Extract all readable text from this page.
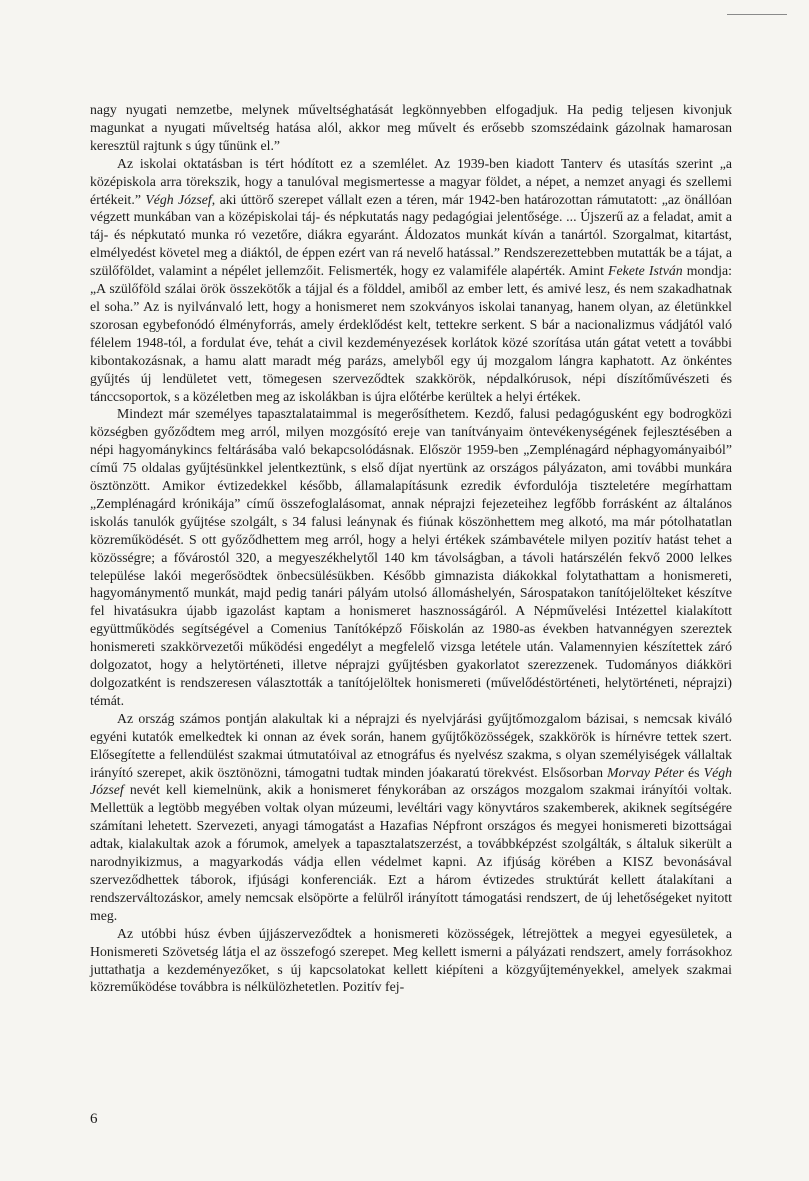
nagy nyugati nemzetbe, melynek műveltséghatását legkönnyebben elfogadjuk. Ha pedig teljesen kivonjuk magunkat a nyugati műveltség hatása alól, akkor meg művelt és erősebb szomszédaink gázolnak hamarosan keresztül rajtunk s úgy tűnünk el.”

Az iskolai oktatásban is tért hódított ez a szemlélet. Az 1939-ben kiadott Tanterv és utasítás szerint „a középiskola arra törekszik, hogy a tanulóval megismertesse a magyar földet, a népet, a nemzet anyagi és szellemi értékeit.” Végh József, aki úttörő szerepet vállalt ezen a téren, már 1942-ben határozottan rámutatott: „az önállóan végzett munkában van a középiskolai táj- és népkutatás nagy pedagógiai jelentősége. ... Újszerű az a feladat, amit a táj- és népkutató munka ró vezetőre, diákra egyaránt. Áldozatos munkát kíván a tanártól. Szorgalmat, kitartást, elmélyedést követel meg a diáktól, de éppen ezért van rá nevelő hatással.” Rendszerezettebben mutatták be a tájat, a szülőföldet, valamint a népélet jellemzőit. Felismerték, hogy ez valamiféle alapérték. Amint Fekete István mondja: „A szülőföld szálai örök összekötők a tájjal és a földdel, amiből az ember lett, és amivé lesz, és nem szakadhatnak el soha.” Az is nyilvánvaló lett, hogy a honismeret nem szokványos iskolai tananyag, hanem olyan, az életünkkel szorosan egybefonódó élményforrás, amely érdeklődést kelt, tettekre serkent. S bár a nacionalizmus vádjától való félelem 1948-tól, a fordulat éve, tehát a civil kezdeményezések korlátok közé szorítása után gátat vetett a további kibontakozásnak, a hamu alatt maradt még parázs, amelyből egy új mozgalom lángra kaphatott. Az önkéntes gyűjtés új lendületet vett, tömegesen szerveződtek szakkörök, népdalkórusok, népi díszítőművészeti és tánccsoportok, s a közéletben meg az iskolákban is újra előtérbe kerültek a helyi értékek.

Mindezt már személyes tapasztalataimmal is megerősíthetem. Kezdő, falusi pedagógusként egy bodrogközi községben győződtem meg arról, milyen mozgósító ereje van tanítványaim öntevékenységének fejlesztésében a népi hagyománykincs feltárásába való bekapcsolódásnak. Először 1959-ben „Zemplénagárd néphagyományaiból” című 75 oldalas gyűjtésünkkel jelentkeztünk, s első díjat nyertünk az országos pályázaton, ami további munkára ösztönzött. Amikor évtizedekkel később, államalapításunk ezredik évfordulója tiszteletére megírhattam „Zemplénagárd krónikája” című összefoglalásomat, annak néprajzi fejezeteihez legfőbb forrásként az általános iskolás tanulók gyűjtése szolgált, s 34 falusi leánynak és fiúnak köszönhettem meg alkotó, ma már pótolhatatlan közreműködését. S ott győződhettem meg arról, hogy a helyi értékek számbavétele milyen pozitív hatást tehet a közösségre; a fővárostól 320, a megyeszékhelytől 140 km távolságban, a távoli határszélén fekvő 2000 lelkes települése lakói megerősödtek önbecsülésükben. Később gimnazista diákokkal folytathattam a honismereti, hagyománymentő munkát, majd pedig tanári pályám utolsó állomáshelyén, Sárospatakon tanítójelölteket készítve fel hivatásukra újabb igazolást kaptam a honismeret hasznosságáról. A Népművelési Intézettel kialakított együttműködés segítségével a Comenius Tanítóképző Főiskolán az 1980-as években hatvannégyen szereztek honismereti szakkörvezetői működési engedélyt a megfelelő vizsga letétele után. Valamennyien készítettek záró dolgozatot, hogy a helytörténeti, illetve néprajzi gyűjtésben gyakorlatot szerezzenek. Tudományos diákköri dolgozatként is rendszeresen választották a tanítójelöltek honismereti (művelődéstörténeti, helytörténeti, néprajzi) témát.

Az ország számos pontján alakultak ki a néprajzi és nyelvjárási gyűjtőmozgalom bázisai, s nemcsak kiváló egyéni kutatók emelkedtek ki onnan az évek során, hanem gyűjtőközösségek, szakkörök is hírnévre tettek szert. Elősegítette a fellendülést szakmai útmutatóival az etnográfus és nyelvész szakma, s olyan személyiségek vállaltak irányító szerepet, akik ösztönözni, támogatni tudtak minden jóakaratú törekvést. Elsősorban Morvay Péter és Végh József nevét kell kiemelnünk, akik a honismeret fénykorában az országos mozgalom szakmai irányítói voltak. Mellettük a legtöbb megyében voltak olyan múzeumi, levéltári vagy könyvtáros szakemberek, akiknek segítségére számítani lehetett. Szervezeti, anyagi támogatást a Hazafias Népfront országos és megyei honismereti bizottságai adtak, kialakultak azok a fórumok, amelyek a tapasztalatszerzést, a továbbképzést szolgálták, s általuk sikerült a narodnyikizmus, a magyarkodás vádja ellen védelmet kapni. Az ifjúság körében a KISZ bevonásával szerveződhettek táborok, ifjúsági konferenciák. Ezt a három évtizedes struktúrát kellett átalakítani a rendszerváltozáskor, amely nemcsak elsöpörte a felülről irányított támogatási rendszert, de új lehetőségeket nyitott meg.

Az utóbbi húsz évben újjászerveződtek a honismereti közösségek, létrejöttek a megyei egyesületek, a Honismereti Szövetség látja el az összefogó szerepet. Meg kellett ismerni a pályázati rendszert, amely forrásokhoz juttathatja a kezdeményezőket, s új kapcsolatokat kellett kiépíteni a közgyűjteményekkel, amelyek szakmai közreműködése továbbra is nélkülözhetetlen. Pozitív fej-

6
